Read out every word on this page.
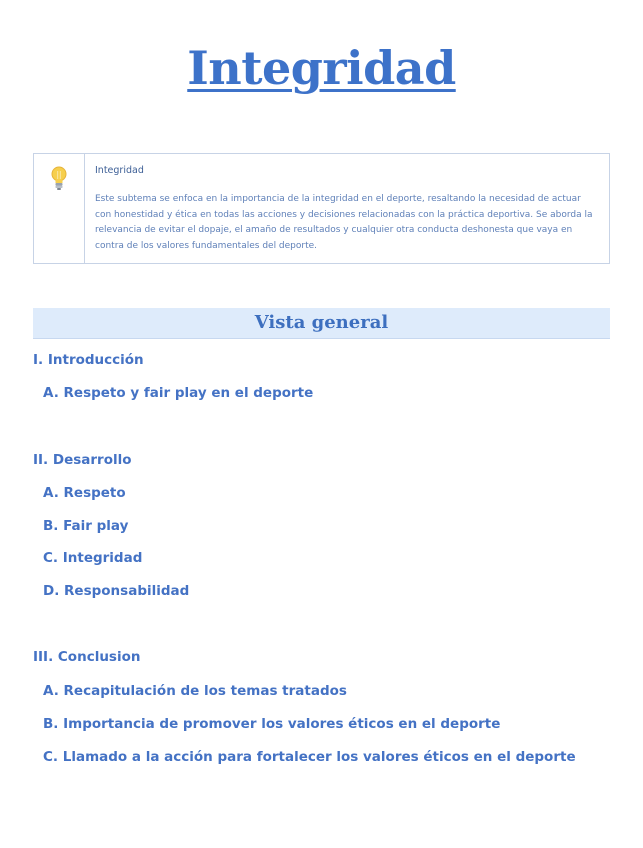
Integridad

Integridad

Este subtema se enfoca en la importancia de la integridad en el deporte, resaltando la necesidad de actuar con honestidad y ética en todas las acciones y decisiones relacionadas con la práctica deportiva. Se aborda la relevancia de evitar el dopaje, el amaño de resultados y cualquier otra conducta deshonesta que vaya en contra de los valores fundamentales del deporte.

Vista general
I. Introducción
A. Respeto y fair play en el deporte
II. Desarrollo
A. Respeto
B. Fair play
C. Integridad
D. Responsabilidad
III. Conclusion
A. Recapitulación de los temas tratados
B. Importancia de promover los valores éticos en el deporte
C. Llamado a la acción para fortalecer los valores éticos en el deporte
